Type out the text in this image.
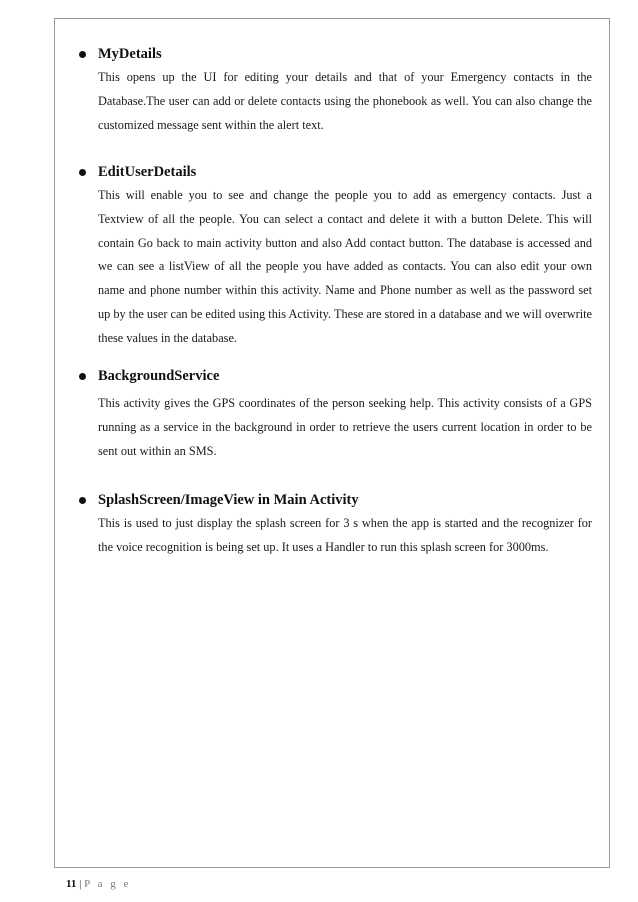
MyDetails

This opens up the UI for editing your details and that of your Emergency contacts in the Database.The user can add or delete contacts using the phonebook as well. You can also change the customized message sent within the alert text.

EditUserDetails

This will enable you to see and change the people you to add as emergency contacts. Just a Textview of all the people. You can select a contact and delete it with a button Delete. This will contain Go back to main activity button and also Add contact button. The database is accessed and we can see a listView of all the people you have added as contacts. You can also edit your own name and phone number within this activity. Name and Phone number as well as the password set up by the user can be edited using this Activity. These are stored in a database and we will overwrite these values in the database.

BackgroundService

This activity gives the GPS coordinates of the person seeking help. This activity consists of a GPS running as a service in the background in order to retrieve the users current location in order to be sent out within an SMS.

SplashScreen/ImageView in Main Activity

This is used to just display the splash screen for 3 s when the app is started and the recognizer for the voice recognition is being set up. It uses a Handler to run this splash screen for 3000ms.

11 | P a g e
